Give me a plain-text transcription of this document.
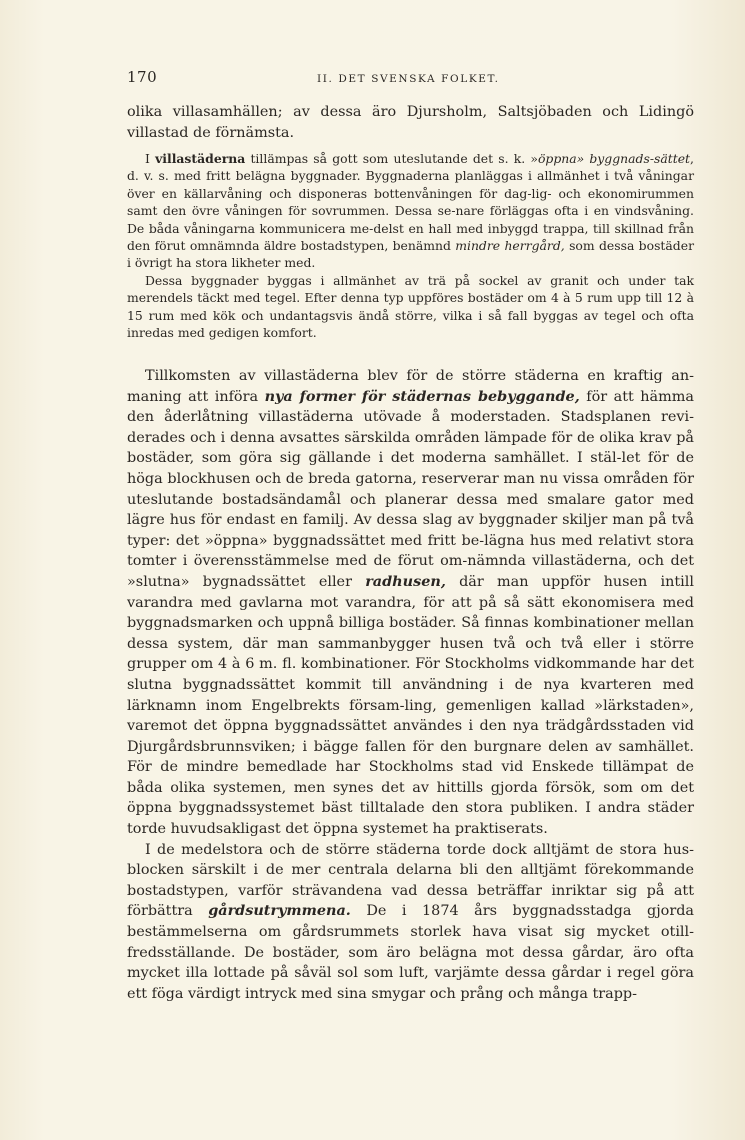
170	II. DET SVENSKA FOLKET.

olika villasamhällen; av dessa äro Djursholm, Saltsjöbaden och Lidingö villastad de förnämsta.

I villastäderna tillämpas så gott som uteslutande det s. k. »öppna» byggnads-sättet, d. v. s. med fritt belägna byggnader. Byggnaderna planläggas i allmänhet i två våningar över en källarvåning och disponeras bottenvåningen för dag-lig- och ekonomirummen samt den övre våningen för sovrummen. Dessa se-nare förläggas ofta i en vindsvåning. De båda våningarna kommunicera me-delst en hall med inbyggd trappa, till skillnad från den förut omnämnda äldre bostadstypen, benämnd mindre herrgård, som dessa bostäder i övrigt ha stora likheter med.

Dessa byggnader byggas i allmänhet av trä på sockel av granit och under tak merendels täckt med tegel. Efter denna typ uppföres bostäder om 4 à 5 rum upp till 12 à 15 rum med kök och undantagsvis ändå större, vilka i så fall byggas av tegel och ofta inredas med gedigen komfort.

Tillkomsten av villastäderna blev för de större städerna en kraftig an-maning att införa nya former för städernas bebyggande, för att hämma den åderlåtning villastäderna utövade å moderstaden. Stadsplanen revi-derades och i denna avsattes särskilda områden lämpade för de olika krav på bostäder, som göra sig gällande i det moderna samhället. I stäl-let för de höga blockhusen och de breda gatorna, reserverar man nu vissa områden för uteslutande bostadsändamål och planerar dessa med smalare gator med lägre hus för endast en familj. Av dessa slag av byggnader skiljer man på två typer: det »öppna» byggnadssättet med fritt be-lägna hus med relativt stora tomter i överensstämmelse med de förut om-nämnda villastäderna, och det »slutna» bygnadssättet eller radhusen, där man uppför husen intill varandra med gavlarna mot varandra, för att på så sätt ekonomisera med byggnadsmarken och uppnå billiga bostäder. Så finnas kombinationer mellan dessa system, där man sammanbygger husen två och två eller i större grupper om 4 à 6 m. fl. kombinationer. För Stockholms vidkommande har det slutna byggnadssättet kommit till användning i de nya kvarteren med lärknamn inom Engelbrekts försam-ling, gemenligen kallad »lärkstaden», varemot det öppna byggnadssättet användes i den nya trädgårdsstaden vid Djurgårdsbrunnsviken; i bägge fallen för den burgnare delen av samhället. För de mindre bemedlade har Stockholms stad vid Enskede tillämpat de båda olika systemen, men synes det av hittills gjorda försök, som om det öppna byggnadssystemet bäst tilltalade den stora publiken. I andra städer torde huvudsakligast det öppna systemet ha praktiserats.

I de medelstora och de större städerna torde dock alltjämt de stora hus-blocken särskilt i de mer centrala delarna bli den alltjämt förekommande bostadstypen, varför strävandena vad dessa beträffar inriktar sig på att förbättra gårdsutrymmena. De i 1874 års byggnadsstadga gjorda bestämmelserna om gårdsrummets storlek hava visat sig mycket otill-fredsställande. De bostäder, som äro belägna mot dessa gårdar, äro ofta mycket illa lottade på såväl sol som luft, varjämte dessa gårdar i regel göra ett föga värdigt intryck med sina smygar och prång och många trapp-
